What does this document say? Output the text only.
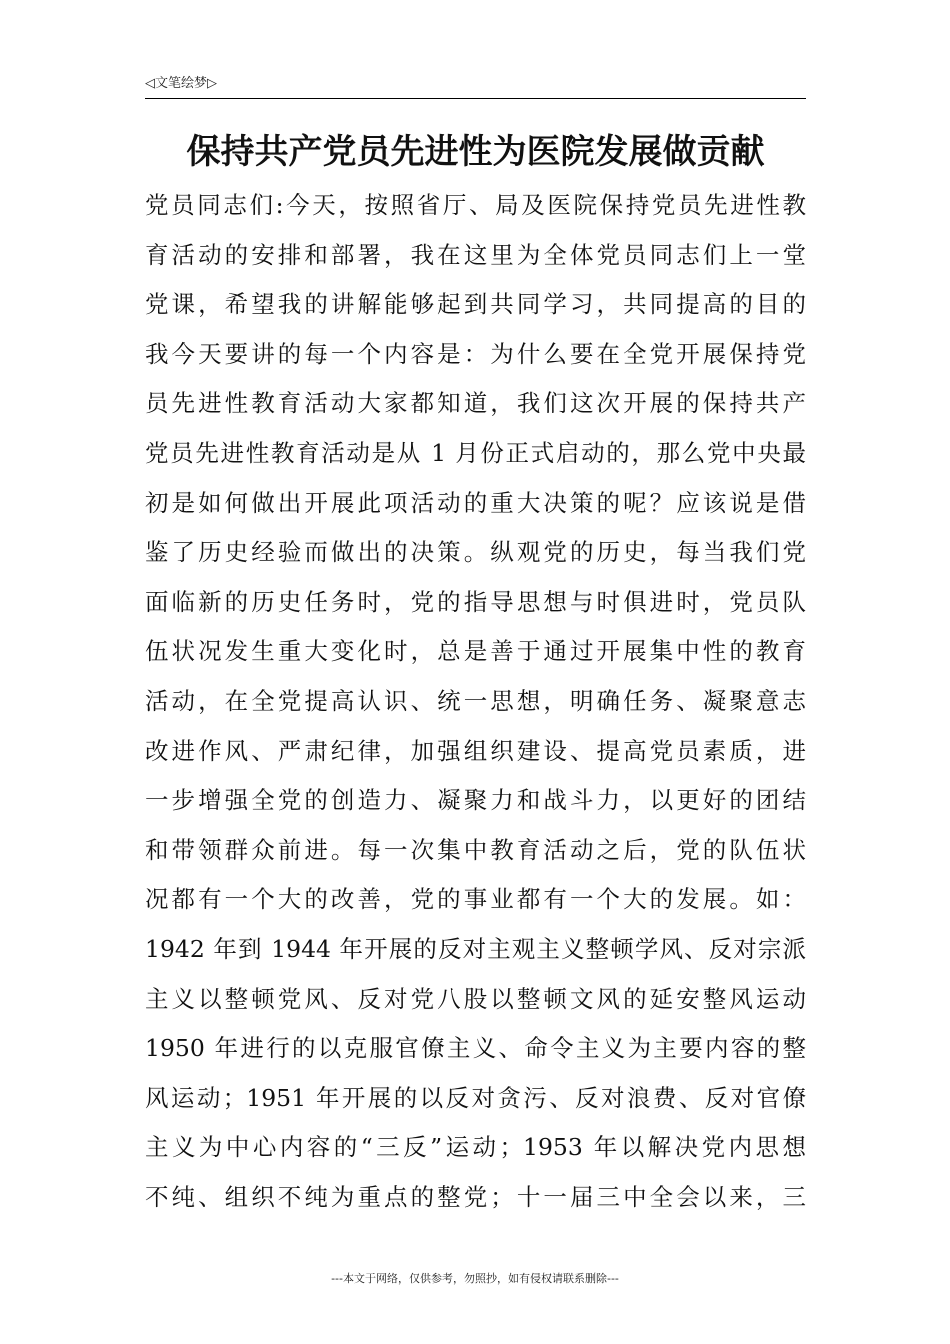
◁文笔绘梦▷
保持共产党员先进性为医院发展做贡献
党员同志们:今天，按照省厅、局及医院保持党员先进性教
育活动的安排和部署，我在这里为全体党员同志们上一堂
党课，希望我的讲解能够起到共同学习，共同提高的目的
我今天要讲的每一个内容是：为什么要在全党开展保持党
员先进性教育活动大家都知道，我们这次开展的保持共产
党员先进性教育活动是从 1 月份正式启动的，那么党中央最
初是如何做出开展此项活动的重大决策的呢？应该说是借
鉴了历史经验而做出的决策。纵观党的历史，每当我们党
面临新的历史任务时，党的指导思想与时俱进时，党员队
伍状况发生重大变化时，总是善于通过开展集中性的教育
活动，在全党提高认识、统一思想，明确任务、凝聚意志
改进作风、严肃纪律，加强组织建设、提高党员素质，进
一步增强全党的创造力、凝聚力和战斗力，以更好的团结
和带领群众前进。每一次集中教育活动之后，党的队伍状
况都有一个大的改善，党的事业都有一个大的发展。如：
1942 年到 1944 年开展的反对主观主义整顿学风、反对宗派
主义以整顿党风、反对党八股以整顿文风的延安整风运动
1950 年进行的以克服官僚主义、命令主义为主要内容的整
风运动；1951 年开展的以反对贪污、反对浪费、反对官僚
主义为中心内容的“三反”运动；1953 年以解决党内思想
不纯、组织不纯为重点的整党；十一届三中全会以来，三
---本文于网络，仅供参考，勿照抄，如有侵权请联系删除---
